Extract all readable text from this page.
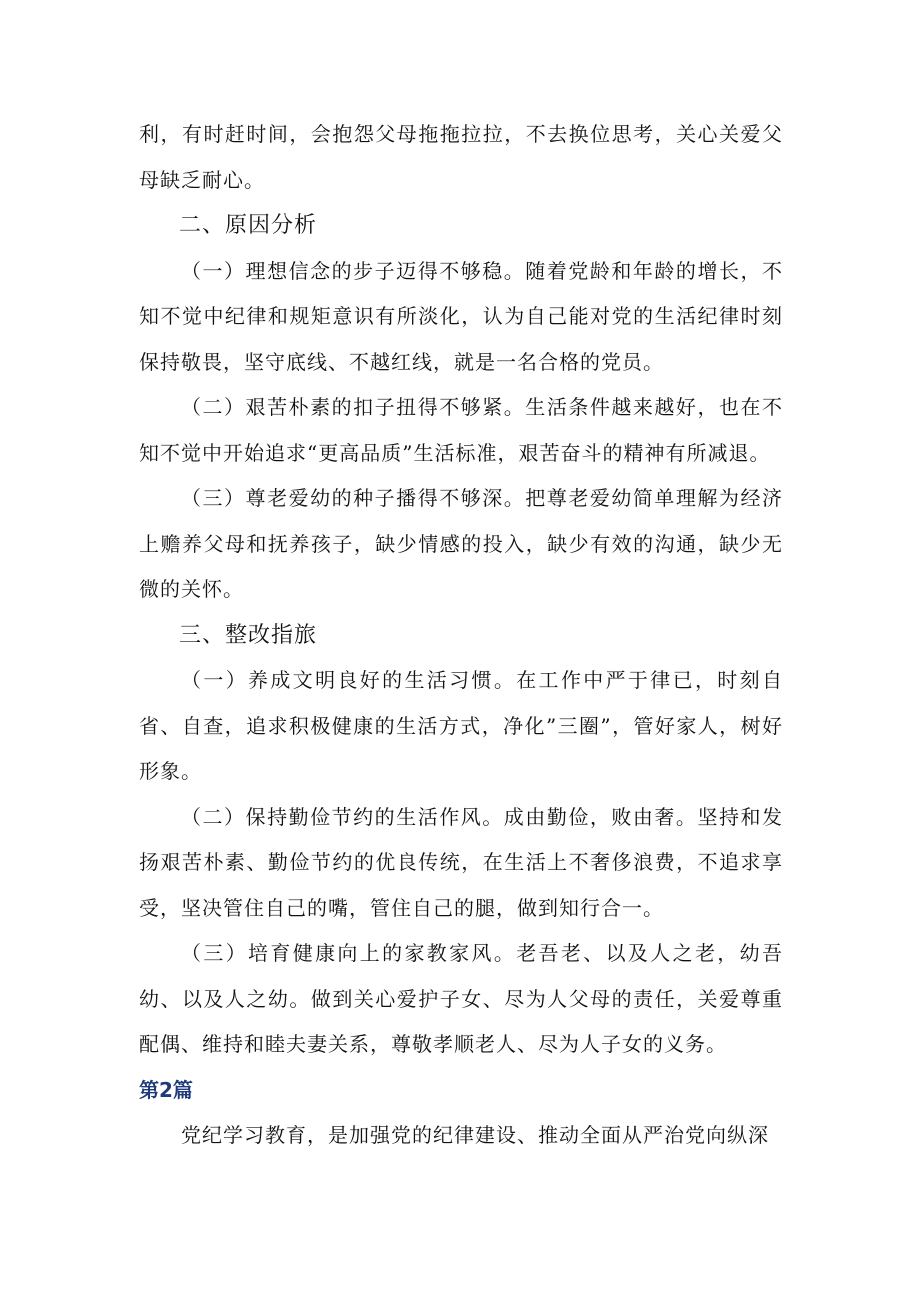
利，有时赶时间，会抱怨父母拖拖拉拉，不去换位思考，关心关爱父母缺乏耐心。

二、原因分析

（一）理想信念的步子迈得不够稳。随着党龄和年龄的增长，不知不觉中纪律和规矩意识有所淡化，认为自己能对党的生活纪律时刻保持敬畏，坚守底线、不越红线，就是一名合格的党员。

（二）艰苦朴素的扣子扭得不够紧。生活条件越来越好，也在不知不觉中开始追求“更高品质”生活标准，艰苦奋斗的精神有所减退。

（三）尊老爱幼的种子播得不够深。把尊老爱幼简单理解为经济上赡养父母和抚养孩子，缺少情感的投入，缺少有效的沟通，缺少无微的关怀。

三、整改指旅

（一）养成文明良好的生活习惯。在工作中严于律已，时刻自省、自查，追求积极健康的生活方式，净化”三圈”，管好家人，树好形象。

（二）保持勤俭节约的生活作风。成由勤俭，败由奢。坚持和发扬艰苦朴素、勤俭节约的优良传统，在生活上不奢侈浪费，不追求享受，坚决管住自己的嘴，管住自己的腿，做到知行合一。

（三）培育健康向上的家教家风。老吾老、以及人之老，幼吾幼、以及人之幼。做到关心爱护子女、尽为人父母的责任，关爱尊重配偶、维持和睦夫妻关系，尊敬孝顺老人、尽为人子女的义务。

第2篇

党纪学习教育，是加强党的纪律建设、推动全面从严治党向纵深
